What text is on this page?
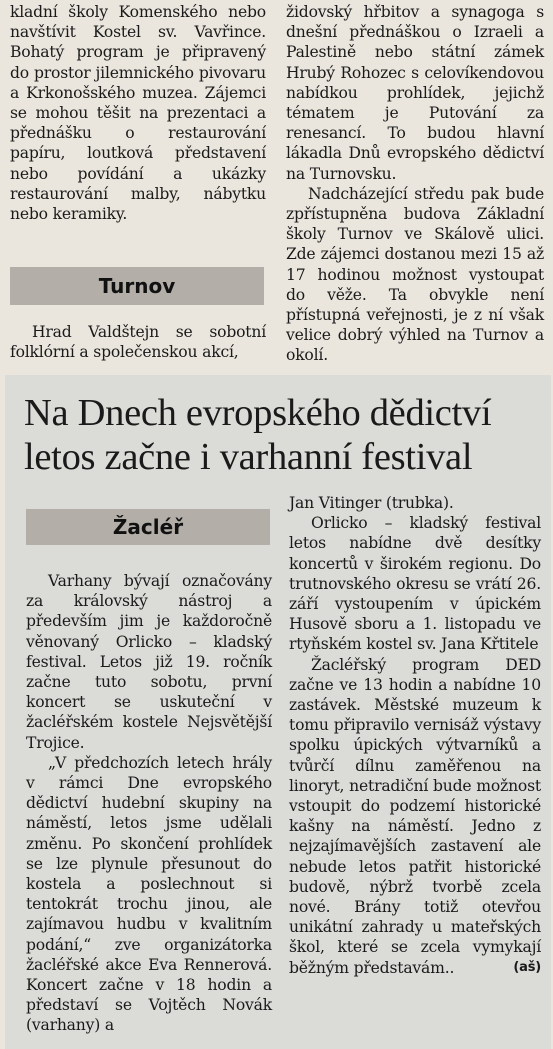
kladní školy Komenského nebo navštívit Kostel sv. Vavřince. Bohatý program je připravený do prostor jilemnického pivovaru a Krkonošského muzea. Zájemci se mohou těšit na prezentaci a přednášku o restaurování papíru, loutková představení nebo povídání a ukázky restaurování malby, nábytku nebo keramiky.

Turnov

Hrad Valdštejn se sobotní folklórní a společenskou akcí,

židovský hřbitov a synagoga s dnešní přednáškou o Izraeli a Palestině nebo státní zámek Hrubý Rohozec s celovíkendovou nabídkou prohlídek, jejichž tématem je Putování za renesancí. To budou hlavní lákadla Dnů evropského dědictví na Turnovsku.

Nadcházející středu pak bude zpřístupněna budova Základní školy Turnov ve Skálově ulici. Zde zájemci dostanou mezi 15 až 17 hodinou možnost vystoupat do věže. Ta obvykle není přístupná veřejnosti, je z ní však velice dobrý výhled na Turnov a okolí.

Na Dnech evropského dědictví
letos začne i varhanní festival
Žacléř

Varhany bývají označovány za královský nástroj a především jim je každoročně věnovaný Orlicko – kladský festival. Letos již 19. ročník začne tuto sobotu, první koncert se uskuteční v žacléřském kostele Nejsvětější Trojice.

„V předchozích letech hrály v rámci Dne evropského dědictví hudební skupiny na náměstí, letos jsme udělali změnu. Po skončení prohlídek se lze plynule přesunout do kostela a poslechnout si tentokrát trochu jinou, ale zajímavou hudbu v kvalitním podání,“ zve organizátorka žacléřské akce Eva Rennerová. Koncert začne v 18 hodin a představí se Vojtěch Novák (varhany) a

Jan Vitinger (trubka).

Orlicko – kladský festival letos nabídne dvě desítky koncertů v širokém regionu. Do trutnovského okresu se vrátí 26. září vystoupením v úpickém Husově sboru a 1. listopadu ve rtyňském kostel sv. Jana Křtitele

Žacléřský program DED začne ve 13 hodin a nabídne 10 zastávek. Městské muzeum k tomu připravilo vernisáž výstavy spolku úpických výtvarníků a tvůrčí dílnu zaměřenou na linoryt, netradiční bude možnost vstoupit do podzemí historické kašny na náměstí. Jedno z nejzajímavějších zastavení ale nebude letos patřit historické budově, nýbrž tvorbě zcela nové. Brány totiž otevřou unikátní zahrady u mateřských škol, které se zcela vymykají běžným představám..	(aš)
